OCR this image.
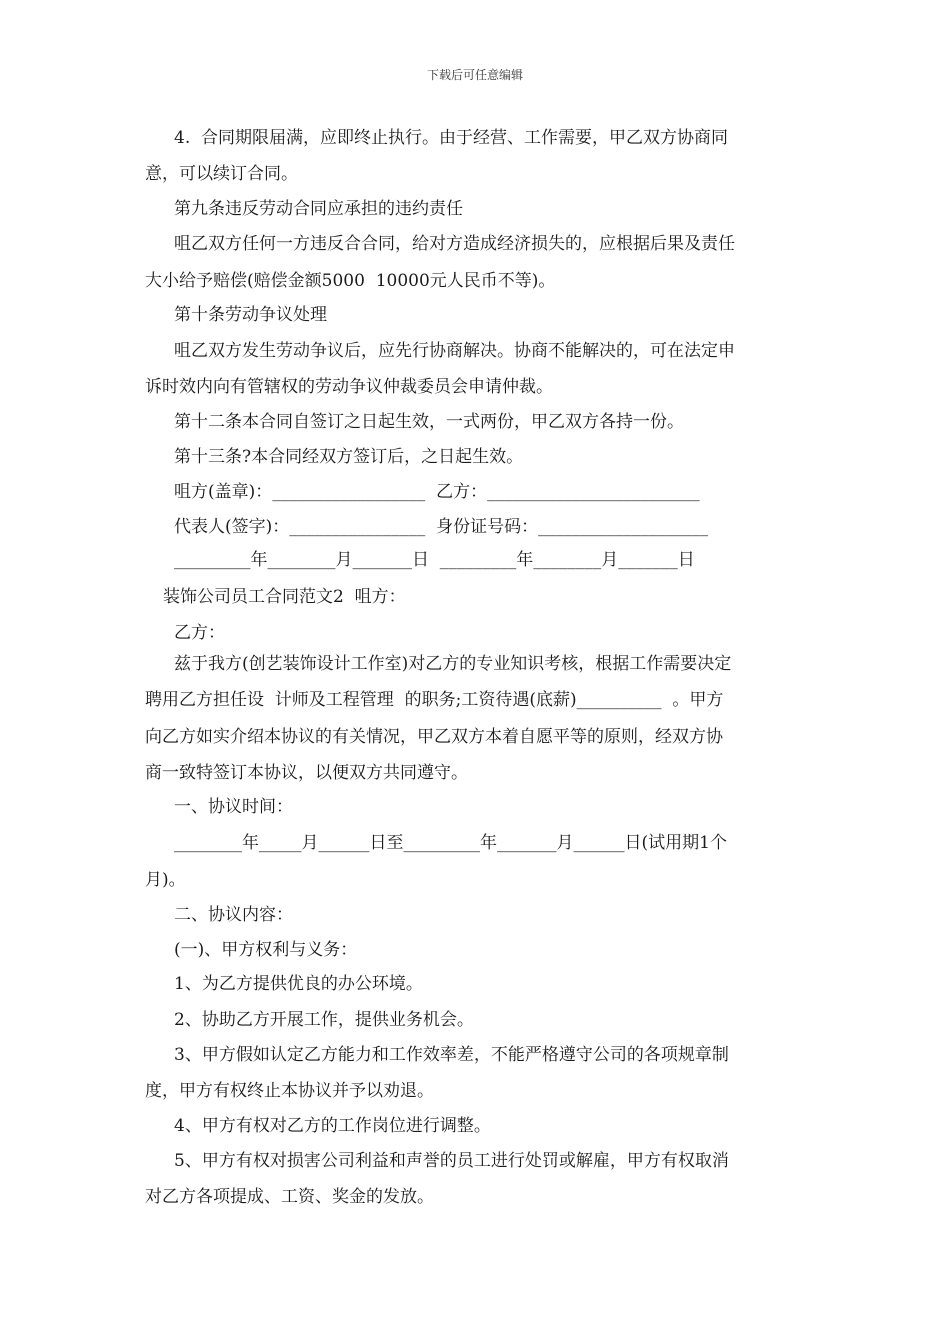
下载后可任意编辑
4.  合同期限届满，应即终止执行。由于经营、工作需要，甲乙双方协商同
意，可以续订合同。
第九条违反劳动合同应承担的违约责任
咀乙双方任何一方违反合合同，给对方造成经济损失的，应根据后果及责任
大小给予赔偿(赔偿金额5000  10000元人民币不等)。
第十条劳动争议处理
咀乙双方发生劳动争议后，应先行协商解决。协商不能解决的，可在法定申
诉时效内向有管辖权的劳动争议仲裁委员会申请仲裁。
第十二条本合同自签订之日起生效，一式两份，甲乙双方各持一份。
第十三条?本合同经双方签订后，之日起生效。
咀方(盖章)：__________________  乙方：_________________________
代表人(签字)：________________  身份证号码：____________________
_________年________月_______日  _________年________月_______日
装饰公司员工合同范文2  咀方：
乙方：
兹于我方(创艺装饰设计工作室)对乙方的专业知识考核，根据工作需要决定
聘用乙方担任设  计师及工程管理  的职务;工资待遇(底薪)__________  。甲方
向乙方如实介绍本协议的有关情况，甲乙双方本着自愿平等的原则，经双方协
商一致特签订本协议，以便双方共同遵守。
一、协议时间：
________年_____月______日至_________年_______月______日(试用期1个
月)。
二、协议内容：
(一)、甲方权利与义务：
1、为乙方提供优良的办公环境。
2、协助乙方开展工作，提供业务机会。
3、甲方假如认定乙方能力和工作效率差，不能严格遵守公司的各项规章制
度，甲方有权终止本协议并予以劝退。
4、甲方有权对乙方的工作岗位进行调整。
5、甲方有权对损害公司利益和声誉的员工进行处罚或解雇，甲方有权取消
对乙方各项提成、工资、奖金的发放。
